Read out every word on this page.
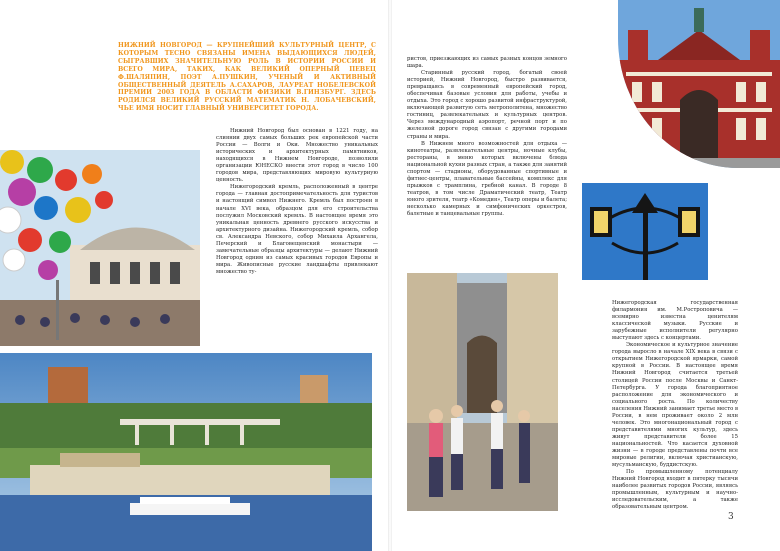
НИЖНИЙ НОВГОРОД — КРУПНЕЙШИЙ КУЛЬТУРНЫЙ ЦЕНТР, С КОТОРЫМ ТЕСНО СВЯЗАНЫ ИМЕНА ВЫДАЮЩИХСЯ ЛЮДЕЙ, СЫГРАВШИХ ЗНАЧИТЕЛЬНУЮ РОЛЬ В ИСТОРИИ РОССИИ И ВСЕГО МИРА, ТАКИХ, КАК ВЕЛИКИЙ ОПЕРНЫЙ ПЕВЕЦ Ф.ШАЛЯПИН, ПОЭТ А.ПУШКИН, УЧЕНЫЙ И АКТИВНЫЙ ОБЩЕСТВЕННЫЙ ДЕЯТЕЛЬ А.САХАРОВ, ЛАУРЕАТ НОБЕЛЕВСКОЙ ПРЕМИИ 2003 ГОДА В ОБЛАСТИ ФИЗИКИ В.ГИНЗБУРГ. ЗДЕСЬ РОДИЛСЯ ВЕЛИКИЙ РУССКИЙ МАТЕМАТИК Н. ЛОБАЧЕВСКИЙ, ЧЬЕ ИМЯ НОСИТ ГЛАВНЫЙ УНИВЕРСИТЕТ ГОРОДА.

Нижний Новгород был основан в 1221 году, на слиянии двух самых больших рек европейской части России — Волги и Оки. Множество уникальных исторических и архитектурных памятников, находящихся в Нижнем Новгороде, позволили организации ЮНЕСКО внести этот город в число 100 городов мира, представляющих мировую культурную ценность.

Нижегородский кремль, расположенный в центре города — главная достопримечательность для туристов и настоящий символ Нижнего. Кремль был построен в начале XVI века, образцом для его строительства послужил Московский кремль. В настоящее время это уникальная ценность древнего русского искусства и архитектурного дизайна. Нижегородский кремль, собор св. Александра Невского, собор Михаила Архангела, Печерский и Благовещенский монастыри — замечательные образцы архитектуры — делают Нижний Новгород одним из самых красивых городов Европы и мира. Живописные русские ландшафты привлекают множество ту-

ристов, приезжающих из самых разных концов земного шара.

Старинный русский город, богатый своей историей, Нижний Новгород, быстро развивается, превращаясь в современный европейский город, обеспечивая базовые условия для работы, учебы и отдыха. Это город с хорошо развитой инфраструктурой, включающей развитую сеть метрополитена, множество гостиниц, развлекательных и культурных центров. Через международный аэропорт, речной порт и по железной дороге город связан с другими городами страны и мира.

В Нижнем много возможностей для отдыха — кинотеатры, развлекательные центры, ночные клубы, рестораны, в меню которых включены блюда национальной кухни разных стран, а также для занятий спортом — стадионы, оборудованные спортивные и фитнес-центры, плавательные бассейны, комплекс для прыжков с трамплина, гребной канал. В городе 8 театров, в том числе Драматический театр, Театр юного зрителя, театр «Комедия», Театр оперы и балета; несколько камерных и симфонических оркестров, балетные и танцевальные группы.

Нижегородская государственная филармония им. М.Ростроповича — всемирно известна ценителям классической музыки. Русские и зарубежные исполнители регулярно выступают здесь с концертами.

Экономическое и культурное значение города выросло в начале XIX века в связи с открытием Нижегородской ярмарки, самой крупной в России. В настоящее время Нижний Новгород считается третьей столицей России после Москвы и Санкт-Петербурга. У города благоприятное расположение для экономического и социального роста. По количеству населения Нижний занимает третье место в России, в нем проживает около 2 млн человек. Это многонациональный город с представителями многих культур, здесь живут представители более 15 национальностей. Что касается духовной жизни — в городе представлены почти все мировые религии, включая христианскую, мусульманскую, буддистскую.

По промышленному потенциалу Нижний Новгород входит в пятерку тысячи наиболее развитых городов России, являясь промышленным, культурным и научно-исследовательским, а также образовательным центром.

3
